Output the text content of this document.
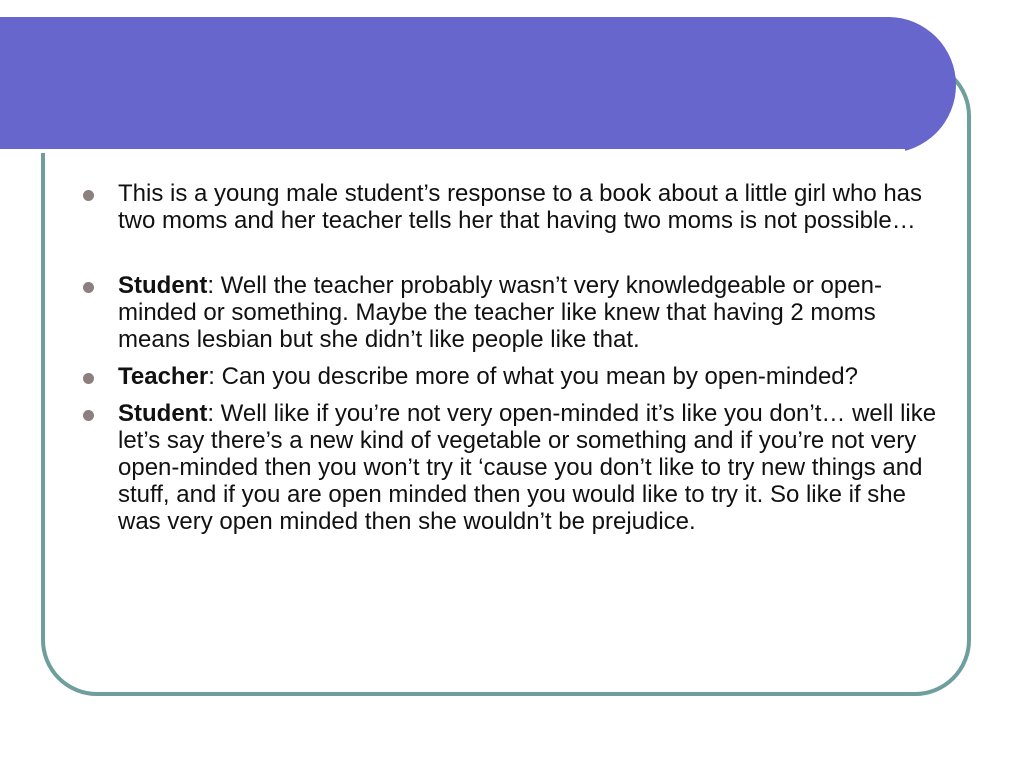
This is a young male student’s response to a book about a little girl who has two moms and her teacher tells her that having two moms is not possible…
Student: Well the teacher probably wasn’t very knowledgeable or open-minded or something. Maybe the teacher like knew that having 2 moms means lesbian but she didn’t like people like that.
Teacher: Can you describe more of what you mean by open-minded?
Student: Well like if you’re not very open-minded it’s like you don’t… well like let’s say there’s a new kind of vegetable or something and if you’re not very open-minded then you won’t try it ‘cause you don’t like to try new things and stuff, and if you are open minded then you would like to try it. So like if she was very open minded then she wouldn’t be prejudice.
